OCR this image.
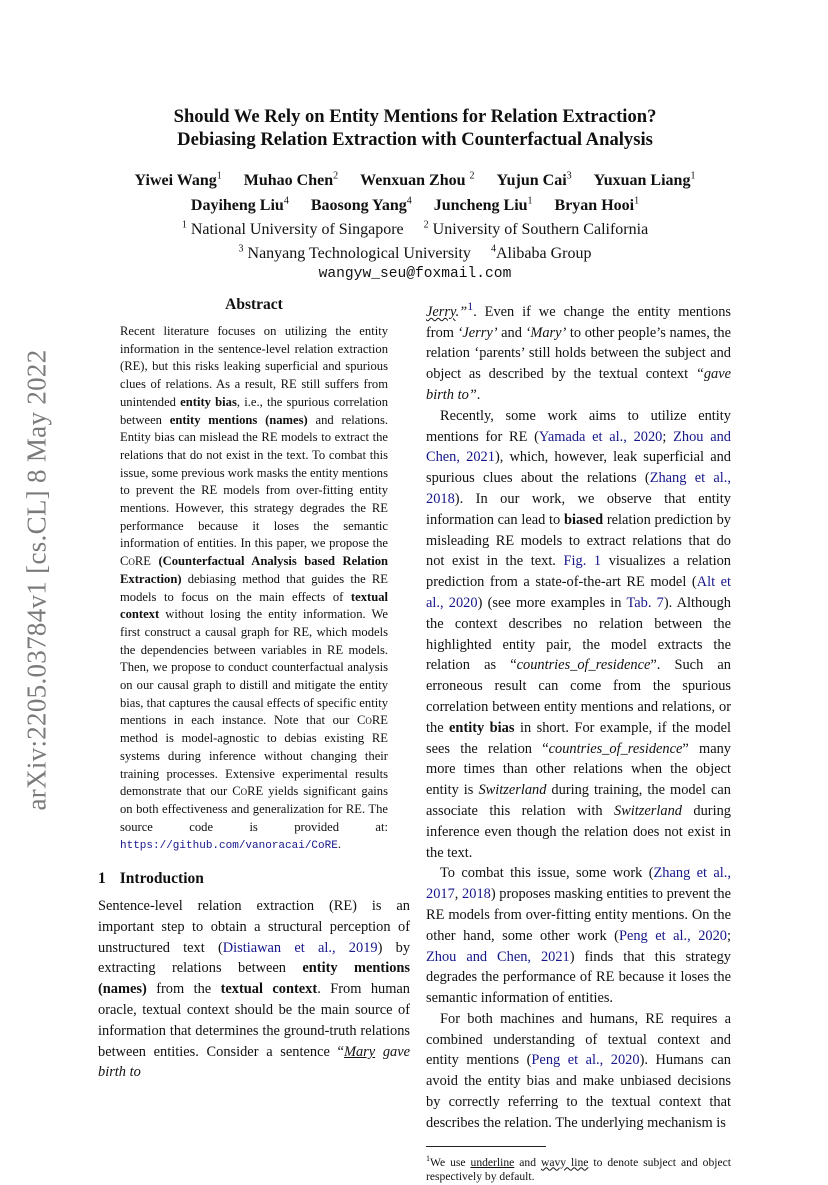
arXiv:2205.03784v1 [cs.CL] 8 May 2022
Should We Rely on Entity Mentions for Relation Extraction?
Debiasing Relation Extraction with Counterfactual Analysis
Yiwei Wang$^1$ Muhao Chen$^2$ Wenxuan Zhou $^2$ Yujun Cai$^3$ Yuxuan Liang$^1$
Dayiheng Liu$^4$ Baosong Yang$^4$ Juncheng Liu$^1$ Bryan Hooi$^1$
$^1$ National University of Singapore $^2$ University of Southern California
$^3$ Nanyang Technological University $^4$Alibaba Group
wangyw_seu@foxmail.com
Abstract

Recent literature focuses on utilizing the entity information in the sentence-level relation extraction (RE), but this risks leaking superficial and spurious clues of relations. As a result, RE still suffers from unintended entity bias, i.e., the spurious correlation between entity mentions (names) and relations. Entity bias can mislead the RE models to extract the relations that do not exist in the text. To combat this issue, some previous work masks the entity mentions to prevent the RE models from over-fitting entity mentions. However, this strategy degrades the RE performance because it loses the semantic information of entities. In this paper, we propose the CoRE (Counterfactual Analysis based Relation Extraction) debiasing method that guides the RE models to focus on the main effects of textual context without losing the entity information. We first construct a causal graph for RE, which models the dependencies between variables in RE models. Then, we propose to conduct counterfactual analysis on our causal graph to distill and mitigate the entity bias, that captures the causal effects of specific entity mentions in each instance. Note that our CoRE method is model-agnostic to debias existing RE systems during inference without changing their training processes. Extensive experimental results demonstrate that our CoRE yields significant gains on both effectiveness and generalization for RE. The source code is provided at: https://github.com/vanoracai/CoRE.

1 Introduction

Sentence-level relation extraction (RE) is an important step to obtain a structural perception of unstructured text (Distiawan et al., 2019) by extracting relations between entity mentions (names) from the textual context. From human oracle, textual context should be the main source of information that determines the ground-truth relations between entities. Consider a sentence “Mary gave birth to

Jerry.”$^1$. Even if we change the entity mentions from ‘Jerry’ and ‘Mary’ to other people’s names, the relation ‘parents’ still holds between the subject and object as described by the textual context “gave birth to”.

Recently, some work aims to utilize entity mentions for RE (Yamada et al., 2020; Zhou and Chen, 2021), which, however, leak superficial and spurious clues about the relations (Zhang et al., 2018). In our work, we observe that entity information can lead to biased relation prediction by misleading RE models to extract relations that do not exist in the text. Fig. 1 visualizes a relation prediction from a state-of-the-art RE model (Alt et al., 2020) (see more examples in Tab. 7). Although the context describes no relation between the highlighted entity pair, the model extracts the relation as “countries_of_residence”. Such an erroneous result can come from the spurious correlation between entity mentions and relations, or the entity bias in short. For example, if the model sees the relation “countries_of_residence” many more times than other relations when the object entity is Switzerland during training, the model can associate this relation with Switzerland during inference even though the relation does not exist in the text.

To combat this issue, some work (Zhang et al., 2017, 2018) proposes masking entities to prevent the RE models from over-fitting entity mentions. On the other hand, some other work (Peng et al., 2020; Zhou and Chen, 2021) finds that this strategy degrades the performance of RE because it loses the semantic information of entities.

For both machines and humans, RE requires a combined understanding of textual context and entity mentions (Peng et al., 2020). Humans can avoid the entity bias and make unbiased decisions by correctly referring to the textual context that describes the relation. The underlying mechanism is

$^1$We use underline and wavy line to denote subject and object respectively by default.
